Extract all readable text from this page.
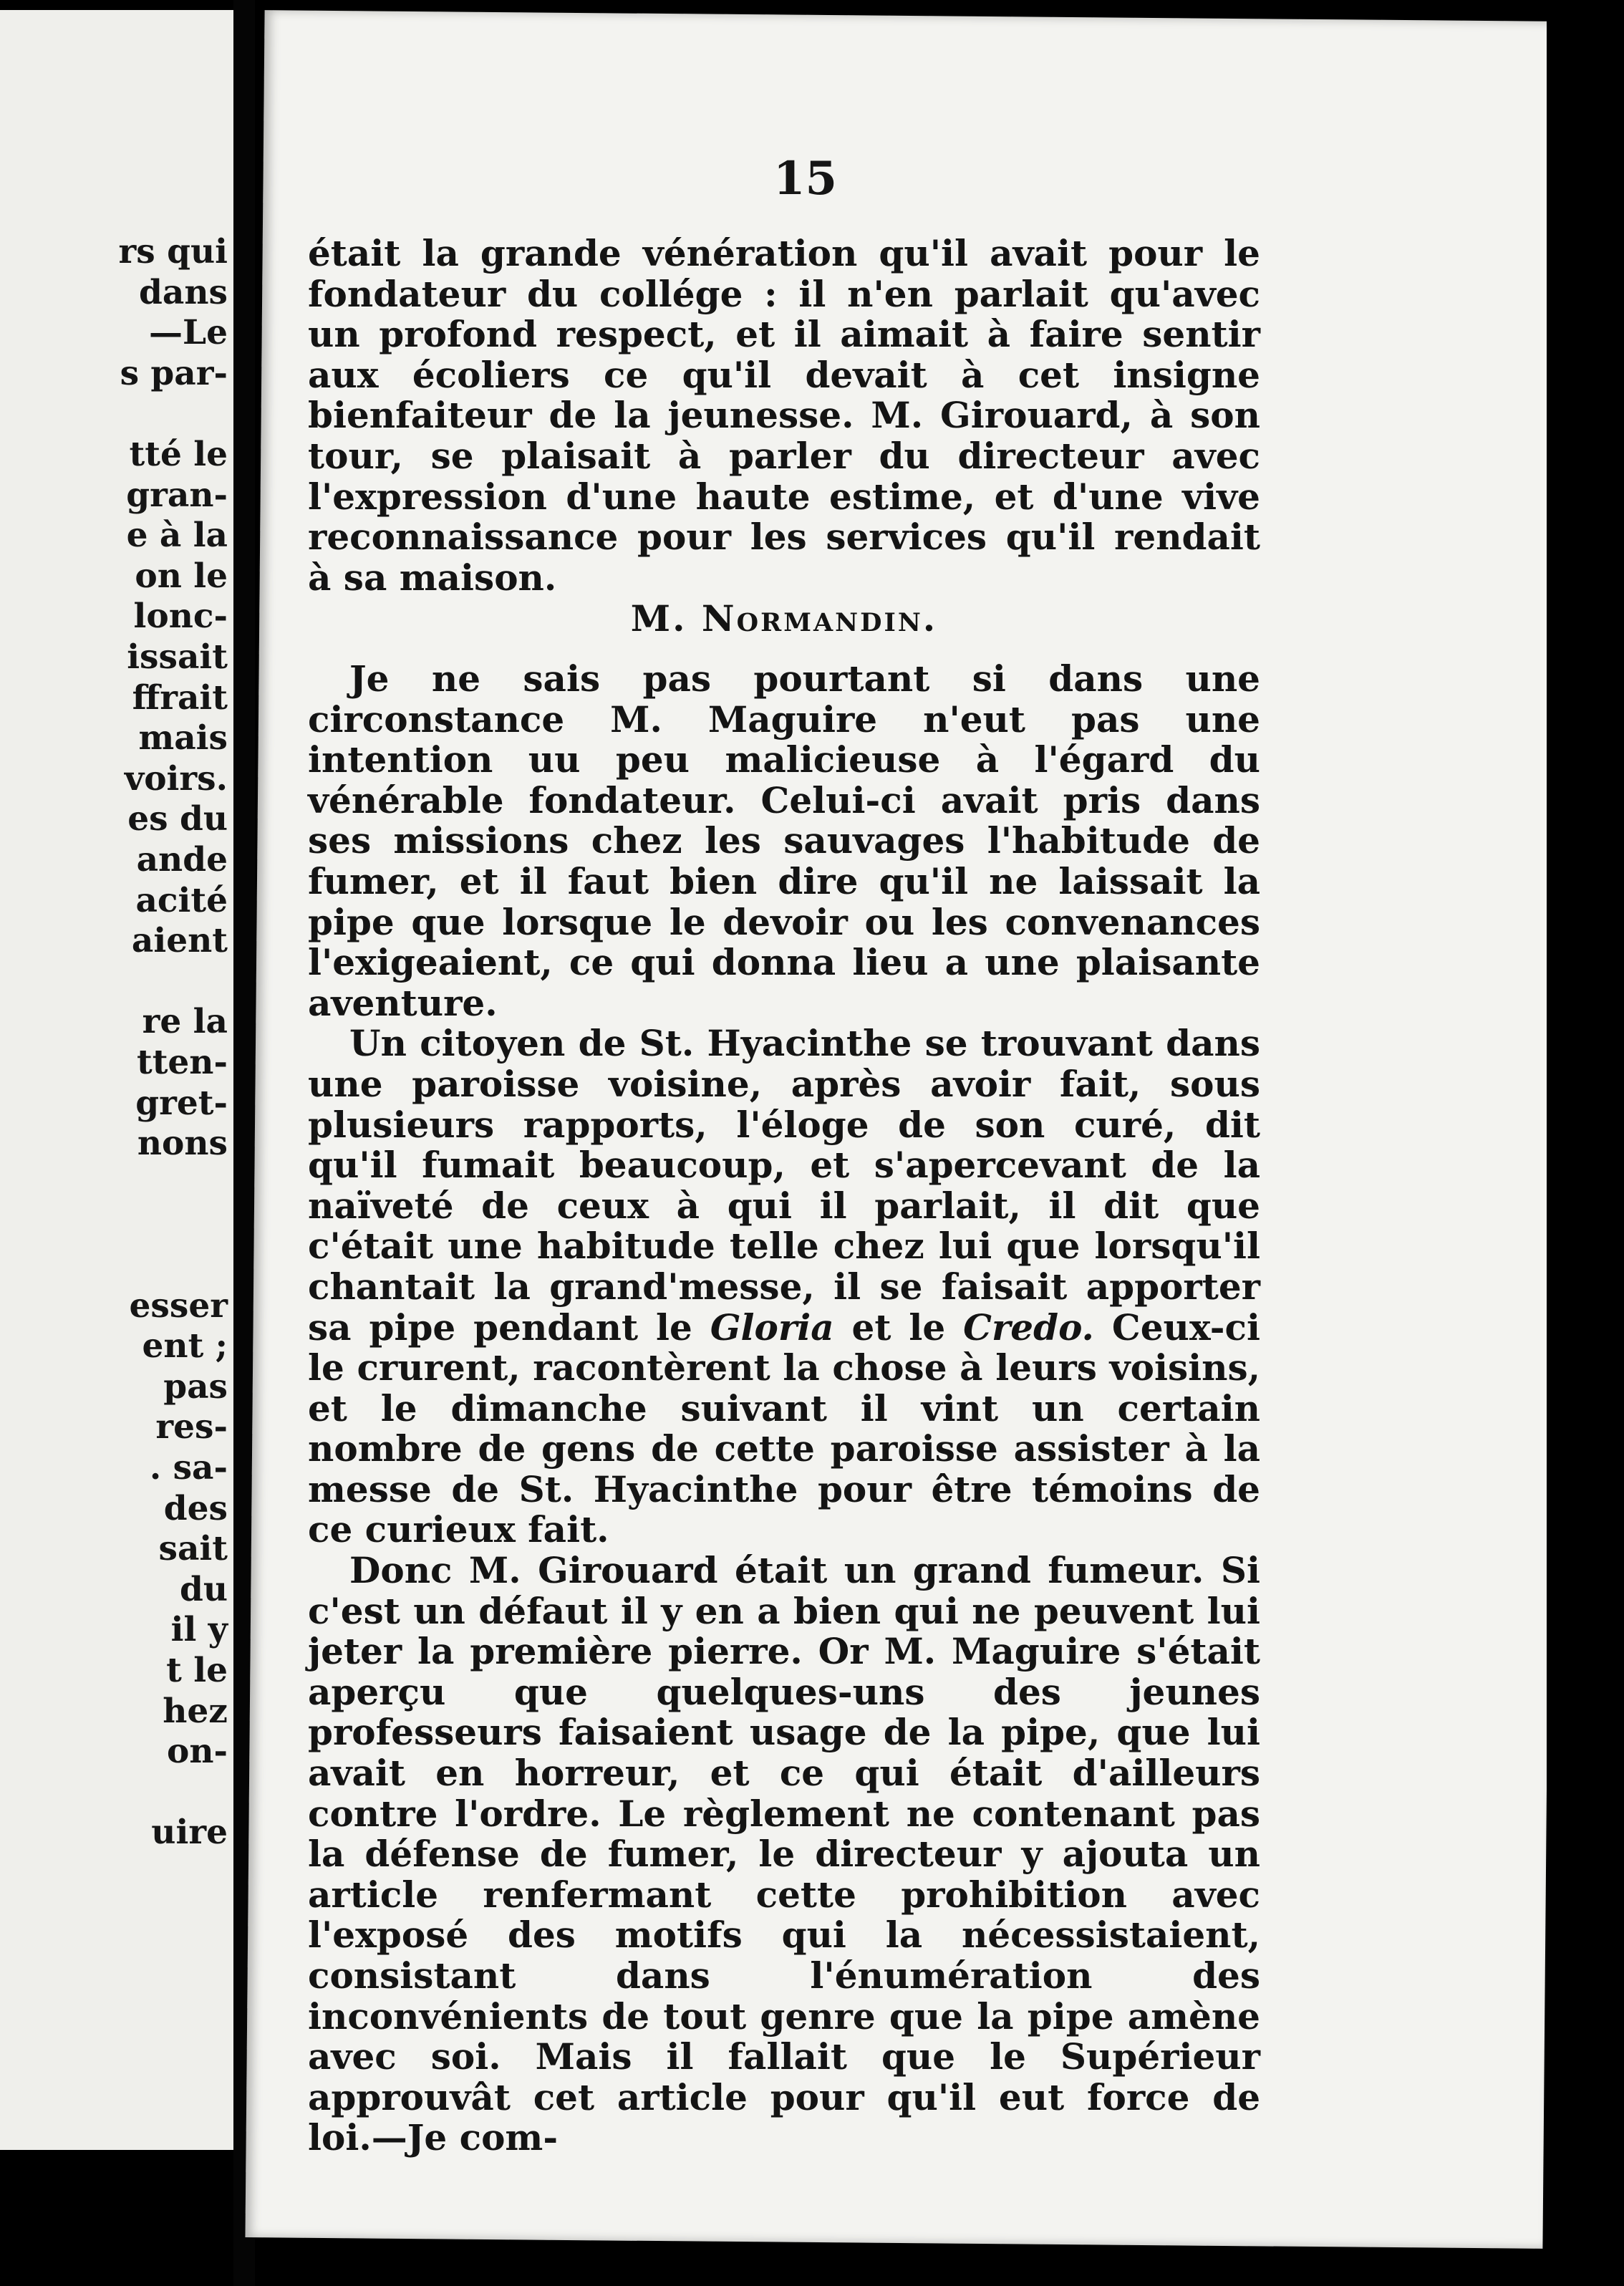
rs qui
dans
—Le
s par-
tté le
gran-
e à la
on le
lonc-
issait
ffrait
mais
voirs.
es du
ande
acité
aient
re la
tten-
gret-
nons
esser
ent ;
pas
res-
. sa-
des
sait
du
il y
t le
hez
on-
uire
15

était la grande vénération qu'il avait pour le fondateur du collége : il n'en parlait qu'avec un profond respect, et il aimait à faire sentir aux écoliers ce qu'il devait à cet insigne bienfaiteur de la jeunesse. M. Girouard, à son tour, se plaisait à parler du directeur avec l'expression d'une haute estime, et d'une vive reconnaissance pour les services qu'il rendait à sa maison.

M. Normandin.

Je ne sais pas pourtant si dans une circonstance M. Maguire n'eut pas une intention uu peu malicieuse à l'égard du vénérable fondateur. Celui-ci avait pris dans ses missions chez les sauvages l'habitude de fumer, et il faut bien dire qu'il ne laissait la pipe que lorsque le devoir ou les convenances l'exigeaient, ce qui donna lieu a une plaisante aventure.

Un citoyen de St. Hyacinthe se trouvant dans une paroisse voisine, après avoir fait, sous plusieurs rapports, l'éloge de son curé, dit qu'il fumait beaucoup, et s'apercevant de la naïveté de ceux à qui il parlait, il dit que c'était une habitude telle chez lui que lorsqu'il chantait la grand'messe, il se faisait apporter sa pipe pendant le Gloria et le Credo. Ceux-ci le crurent, racontèrent la chose à leurs voisins, et le dimanche suivant il vint un certain nombre de gens de cette paroisse assister à la messe de St. Hyacinthe pour être témoins de ce curieux fait.

Donc M. Girouard était un grand fumeur. Si c'est un défaut il y en a bien qui ne peuvent lui jeter la première pierre. Or M. Maguire s'était aperçu que quelques-uns des jeunes professeurs faisaient usage de la pipe, que lui avait en horreur, et ce qui était d'ailleurs contre l'ordre. Le règlement ne contenant pas la défense de fumer, le directeur y ajouta un article renfermant cette prohibition avec l'exposé des motifs qui la nécessistaient, consistant dans l'énumération des inconvénients de tout genre que la pipe amène avec soi. Mais il fallait que le Supérieur approuvât cet article pour qu'il eut force de loi.—Je com-
